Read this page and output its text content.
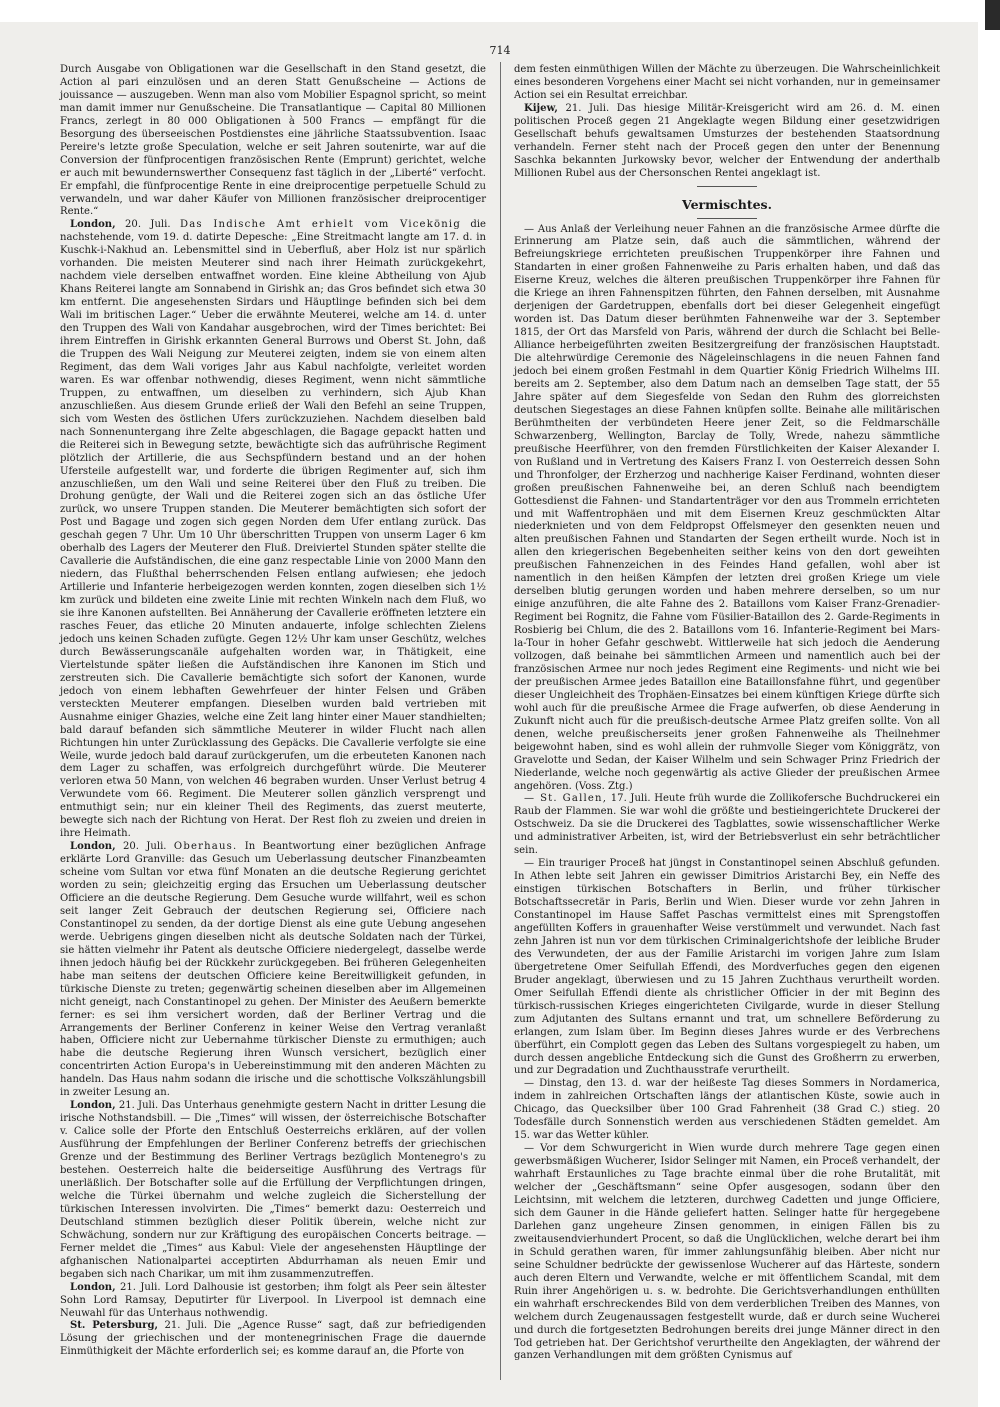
714

Durch Ausgabe von Obligationen war die Gesellschaft in den Stand gesetzt, die Action al pari einzulösen und an deren Statt Genußscheine — Actions de jouissance — auszugeben. Wenn man also vom Mobilier Espagnol spricht, so meint man damit immer nur Genußscheine. Die Transatlantique — Capital 80 Millionen Francs, zerlegt in 80 000 Obligationen à 500 Francs — empfängt für die Besorgung des überseeischen Postdienstes eine jährliche Staatssubvention. Isaac Pereire's letzte große Speculation, welche er seit Jahren soutenirte, war auf die Conversion der fünfprocentigen französischen Rente (Emprunt) gerichtet, welche er auch mit bewundernswerther Consequenz fast täglich in der „Liberté“ verfocht. Er empfahl, die fünfprocentige Rente in eine dreiprocentige perpetuelle Schuld zu verwandeln, und war daher Käufer von Millionen französischer dreiprocentiger Rente.“

London, 20. Juli. Das Indische Amt erhielt vom Vicekönig die nachstehende, vom 19. d. datirte Depesche: „Eine Streitmacht langte am 17. d. in Kuschk-i-Nakhud an. Lebensmittel sind in Ueberfluß, aber Holz ist nur spärlich vorhanden. Die meisten Meuterer sind nach ihrer Heimath zurückgekehrt, nachdem viele derselben entwaffnet worden. Eine kleine Abtheilung von Ajub Khans Reiterei langte am Sonnabend in Girishk an; das Gros befindet sich etwa 30 km entfernt. Die angesehensten Sirdars und Häuptlinge befinden sich bei dem Wali im britischen Lager.“ Ueber die erwähnte Meuterei, welche am 14. d. unter den Truppen des Wali von Kandahar ausgebrochen, wird der Times berichtet: Bei ihrem Eintreffen in Girishk erkannten General Burrows und Oberst St. John, daß die Truppen des Wali Neigung zur Meuterei zeigten, indem sie von einem alten Regiment, das dem Wali voriges Jahr aus Kabul nachfolgte, verleitet worden waren. Es war offenbar nothwendig, dieses Regiment, wenn nicht sämmtliche Truppen, zu entwaffnen, um dieselben zu verhindern, sich Ajub Khan anzuschließen. Aus diesem Grunde erließ der Wali den Befehl an seine Truppen, sich vom Westen des östlichen Ufers zurückzuziehen. Nachdem dieselben bald nach Sonnenuntergang ihre Zelte abgeschlagen, die Bagage gepackt hatten und die Reiterei sich in Bewegung setzte, bewächtigte sich das aufrührische Regiment plötzlich der Artillerie, die aus Sechspfündern bestand und an der hohen Ufersteile aufgestellt war, und forderte die übrigen Regimenter auf, sich ihm anzuschließen, um den Wali und seine Reiterei über den Fluß zu treiben. Die Drohung genügte, der Wali und die Reiterei zogen sich an das östliche Ufer zurück, wo unsere Truppen standen. Die Meuterer bemächtigten sich sofort der Post und Bagage und zogen sich gegen Norden dem Ufer entlang zurück. Das geschah gegen 7 Uhr. Um 10 Uhr überschritten Truppen von unserm Lager 6 km oberhalb des Lagers der Meuterer den Fluß. Dreiviertel Stunden später stellte die Cavallerie die Aufständischen, die eine ganz respectable Linie von 2000 Mann den niedern, das Flußthal beherrschenden Felsen entlang aufwiesen; ehe jedoch Artillerie und Infanterie herbeigezogen werden konnten, zogen dieselben sich 1½ km zurück und bildeten eine zweite Linie mit rechten Winkeln nach dem Fluß, wo sie ihre Kanonen aufstellten. Bei Annäherung der Cavallerie eröffneten letztere ein rasches Feuer, das etliche 20 Minuten andauerte, infolge schlechten Zielens jedoch uns keinen Schaden zufügte. Gegen 12½ Uhr kam unser Geschütz, welches durch Bewässerungscanäle aufgehalten worden war, in Thätigkeit, eine Viertelstunde später ließen die Aufständischen ihre Kanonen im Stich und zerstreuten sich. Die Cavallerie bemächtigte sich sofort der Kanonen, wurde jedoch von einem lebhaften Gewehrfeuer der hinter Felsen und Gräben versteckten Meuterer empfangen. Dieselben wurden bald vertrieben mit Ausnahme einiger Ghazies, welche eine Zeit lang hinter einer Mauer standhielten; bald darauf befanden sich sämmtliche Meuterer in wilder Flucht nach allen Richtungen hin unter Zurücklassung des Gepäcks. Die Cavallerie verfolgte sie eine Weile, wurde jedoch bald darauf zurückgerufen, um die erbeuteten Kanonen nach dem Lager zu schaffen, was erfolgreich durchgeführt würde. Die Meuterer verloren etwa 50 Mann, von welchen 46 begraben wurden. Unser Verlust betrug 4 Verwundete vom 66. Regiment. Die Meuterer sollen gänzlich versprengt und entmuthigt sein; nur ein kleiner Theil des Regiments, das zuerst meuterte, bewegte sich nach der Richtung von Herat. Der Rest floh zu zweien und dreien in ihre Heimath.

London, 20. Juli. Oberhaus. In Beantwortung einer bezüglichen Anfrage erklärte Lord Granville: das Gesuch um Ueberlassung deutscher Finanzbeamten scheine vom Sultan vor etwa fünf Monaten an die deutsche Regierung gerichtet worden zu sein; gleichzeitig erging das Ersuchen um Ueberlassung deutscher Officiere an die deutsche Regierung. Dem Gesuche wurde willfahrt, weil es schon seit langer Zeit Gebrauch der deutschen Regierung sei, Officiere nach Constantinopel zu senden, da der dortige Dienst als eine gute Uebung angesehen werde. Uebrigens gingen dieselben nicht als deutsche Soldaten nach der Türkei, sie hätten vielmehr ihr Patent als deutsche Officiere niedergelegt, dasselbe werde ihnen jedoch häufig bei der Rückkehr zurückgegeben. Bei früheren Gelegenheiten habe man seitens der deutschen Officiere keine Bereitwilligkeit gefunden, in türkische Dienste zu treten; gegenwärtig scheinen dieselben aber im Allgemeinen nicht geneigt, nach Constantinopel zu gehen. Der Minister des Aeußern bemerkte ferner: es sei ihm versichert worden, daß der Berliner Vertrag und die Arrangements der Berliner Conferenz in keiner Weise den Vertrag veranlaßt haben, Officiere nicht zur Uebernahme türkischer Dienste zu ermuthigen; auch habe die deutsche Regierung ihren Wunsch versichert, bezüglich einer concentrirten Action Europa's in Uebereinstimmung mit den anderen Mächten zu handeln. Das Haus nahm sodann die irische und die schottische Volkszählungsbill in zweiter Lesung an.

London, 21. Juli. Das Unterhaus genehmigte gestern Nacht in dritter Lesung die irische Nothstandsbill. — Die „Times“ will wissen, der österreichische Botschafter v. Calice solle der Pforte den Entschluß Oesterreichs erklären, auf der vollen Ausführung der Empfehlungen der Berliner Conferenz betreffs der griechischen Grenze und der Bestimmung des Berliner Vertrags bezüglich Montenegro's zu bestehen. Oesterreich halte die beiderseitige Ausführung des Vertrags für unerläßlich. Der Botschafter solle auf die Erfüllung der Verpflichtungen dringen, welche die Türkei übernahm und welche zugleich die Sicherstellung der türkischen Interessen involvirten. Die „Times“ bemerkt dazu: Oesterreich und Deutschland stimmen bezüglich dieser Politik überein, welche nicht zur Schwächung, sondern nur zur Kräftigung des europäischen Concerts beitrage. — Ferner meldet die „Times“ aus Kabul: Viele der angesehensten Häuptlinge der afghanischen Nationalpartei acceptirten Abdurrhaman als neuen Emir und begaben sich nach Charikar, um mit ihm zusammenzutreffen.

London, 21. Juli. Lord Dalhousie ist gestorben; ihm folgt als Peer sein ältester Sohn Lord Ramsay, Deputirter für Liverpool. In Liverpool ist demnach eine Neuwahl für das Unterhaus nothwendig.

St. Petersburg, 21. Juli. Die „Agence Russe“ sagt, daß zur befriedigenden Lösung der griechischen und der montenegrinischen Frage die dauernde Einmüthigkeit der Mächte erforderlich sei; es komme darauf an, die Pforte von

dem festen einmüthigen Willen der Mächte zu überzeugen. Die Wahrscheinlichkeit eines besonderen Vorgehens einer Macht sei nicht vorhanden, nur in gemeinsamer Action sei ein Resultat erreichbar.

Kijew, 21. Juli. Das hiesige Militär-Kreisgericht wird am 26. d. M. einen politischen Proceß gegen 21 Angeklagte wegen Bildung einer gesetzwidrigen Gesellschaft behufs gewaltsamen Umsturzes der bestehenden Staatsordnung verhandeln. Ferner steht nach der Proceß gegen den unter der Benennung Saschka bekannten Jurkowsky bevor, welcher der Entwendung der anderthalb Millionen Rubel aus der Chersonschen Rentei angeklagt ist.

Vermischtes.

— Aus Anlaß der Verleihung neuer Fahnen an die französische Armee dürfte die Erinnerung am Platze sein, daß auch die sämmtlichen, während der Befreiungskriege errichteten preußischen Truppenkörper ihre Fahnen und Standarten in einer großen Fahnenweihe zu Paris erhalten haben, und daß das Eiserne Kreuz, welches die älteren preußischen Truppenkörper ihre Fahnen für die Kriege an ihren Fahnenspitzen führten, den Fahnen derselben, mit Ausnahme derjenigen der Gardetruppen, ebenfalls dort bei dieser Gelegenheit eingefügt worden ist. Das Datum dieser berühmten Fahnenweihe war der 3. September 1815, der Ort das Marsfeld von Paris, während der durch die Schlacht bei Belle-Alliance herbeigeführten zweiten Besitzergreifung der französischen Hauptstadt. Die altehrwürdige Ceremonie des Nägeleinschlagens in die neuen Fahnen fand jedoch bei einem großen Festmahl in dem Quartier König Friedrich Wilhelms III. bereits am 2. September, also dem Datum nach an demselben Tage statt, der 55 Jahre später auf dem Siegesfelde von Sedan den Ruhm des glorreichsten deutschen Siegestages an diese Fahnen knüpfen sollte. Beinahe alle militärischen Berühmtheiten der verbündeten Heere jener Zeit, so die Feldmarschälle Schwarzenberg, Wellington, Barclay de Tolly, Wrede, nahezu sämmtliche preußische Heerführer, von den fremden Fürstlichkeiten der Kaiser Alexander I. von Rußland und in Vertretung des Kaisers Franz I. von Oesterreich dessen Sohn und Thronfolger, der Erzherzog und nachherige Kaiser Ferdinand, wohnten dieser großen preußischen Fahnenweihe bei, an deren Schluß nach beendigtem Gottesdienst die Fahnen- und Standartenträger vor den aus Trommeln errichteten und mit Waffentrophäen und mit dem Eisernen Kreuz geschmückten Altar niederknieten und von dem Feldpropst Offelsmeyer den gesenkten neuen und alten preußischen Fahnen und Standarten der Segen ertheilt wurde. Noch ist in allen den kriegerischen Begebenheiten seither keins von den dort geweihten preußischen Fahnenzeichen in des Feindes Hand gefallen, wohl aber ist namentlich in den heißen Kämpfen der letzten drei großen Kriege um viele derselben blutig gerungen worden und haben mehrere derselben, so um nur einige anzuführen, die alte Fahne des 2. Bataillons vom Kaiser Franz-Grenadier-Regiment bei Rognitz, die Fahne vom Füsilier-Bataillon des 2. Garde-Regiments in Rosbierig bei Chlum, die des 2. Bataillons vom 16. Infanterie-Regiment bei Mars-la-Tour in hoher Gefahr geschwebt. Wittlerweile hat sich jedoch die Aenderung vollzogen, daß beinahe bei sämmtlichen Armeen und namentlich auch bei der französischen Armee nur noch jedes Regiment eine Regiments- und nicht wie bei der preußischen Armee jedes Bataillon eine Bataillonsfahne führt, und gegenüber dieser Ungleichheit des Trophäen-Einsatzes bei einem künftigen Kriege dürfte sich wohl auch für die preußische Armee die Frage aufwerfen, ob diese Aenderung in Zukunft nicht auch für die preußisch-deutsche Armee Platz greifen sollte. Von all denen, welche preußischerseits jener großen Fahnenweihe als Theilnehmer beigewohnt haben, sind es wohl allein der ruhmvolle Sieger vom Königgrätz, von Gravelotte und Sedan, der Kaiser Wilhelm und sein Schwager Prinz Friedrich der Niederlande, welche noch gegenwärtig als active Glieder der preußischen Armee angehören. (Voss. Ztg.)

— St. Gallen, 17. Juli. Heute früh wurde die Zollikofersche Buchdruckerei ein Raub der Flammen. Sie war wohl die größte und bestieingerichtete Druckerei der Ostschweiz. Da sie die Druckerei des Tagblattes, sowie wissenschaftlicher Werke und administrativer Arbeiten, ist, wird der Betriebsverlust ein sehr beträchtlicher sein.

— Ein trauriger Proceß hat jüngst in Constantinopel seinen Abschluß gefunden. In Athen lebte seit Jahren ein gewisser Dimitrios Aristarchi Bey, ein Neffe des einstigen türkischen Botschafters in Berlin, und früher türkischer Botschaftssecretär in Paris, Berlin und Wien. Dieser wurde vor zehn Jahren in Constantinopel im Hause Saffet Paschas vermittelst eines mit Sprengstoffen angefüllten Koffers in grauenhafter Weise verstümmelt und verwundet. Nach fast zehn Jahren ist nun vor dem türkischen Criminalgerichtshofe der leibliche Bruder des Verwundeten, der aus der Familie Aristarchi im vorigen Jahre zum Islam übergetretene Omer Seifullah Effendi, des Mordverfuches gegen den eigenen Bruder angeklagt, überwiesen und zu 15 Jahren Zuchthaus verurtheilt worden. Omer Seifullah Effendi diente als christlicher Officier in der mit Beginn des türkisch-russischen Krieges eingerichteten Civilgarde, wurde in dieser Stellung zum Adjutanten des Sultans ernannt und trat, um schnellere Beförderung zu erlangen, zum Islam über. Im Beginn dieses Jahres wurde er des Verbrechens überführt, ein Complott gegen das Leben des Sultans vorgespiegelt zu haben, um durch dessen angebliche Entdeckung sich die Gunst des Großherrn zu erwerben, und zur Degradation und Zuchthausstrafe verurtheilt.

— Dinstag, den 13. d. war der heißeste Tag dieses Sommers in Nordamerica, indem in zahlreichen Ortschaften längs der atlantischen Küste, sowie auch in Chicago, das Quecksilber über 100 Grad Fahrenheit (38 Grad C.) stieg. 20 Todesfälle durch Sonnenstich werden aus verschiedenen Städten gemeldet. Am 15. war das Wetter kühler.

— Vor dem Schwurgericht in Wien wurde durch mehrere Tage gegen einen gewerbsmäßigen Wucherer, Isidor Selinger mit Namen, ein Proceß verhandelt, der wahrhaft Erstaunliches zu Tage brachte einmal über die rohe Brutalität, mit welcher der „Geschäftsmann“ seine Opfer ausgesogen, sodann über den Leichtsinn, mit welchem die letzteren, durchweg Cadetten und junge Officiere, sich dem Gauner in die Hände geliefert hatten. Selinger hatte für hergegebene Darlehen ganz ungeheure Zinsen genommen, in einigen Fällen bis zu zweitausendvierhundert Procent, so daß die Unglücklichen, welche derart bei ihm in Schuld gerathen waren, für immer zahlungsunfähig bleiben. Aber nicht nur seine Schuldner bedrückte der gewissenlose Wucherer auf das Härteste, sondern auch deren Eltern und Verwandte, welche er mit öffentlichem Scandal, mit dem Ruin ihrer Angehörigen u. s. w. bedrohte. Die Gerichtsverhandlungen enthüllten ein wahrhaft erschreckendes Bild von dem verderblichen Treiben des Mannes, von welchem durch Zeugenaussagen festgestellt wurde, daß er durch seine Wucherei und durch die fortgesetzten Bedrohungen bereits drei junge Männer direct in den Tod getrieben hat. Der Gerichtshof verurtheilte den Angeklagten, der während der ganzen Verhandlungen mit dem größten Cynismus auf
